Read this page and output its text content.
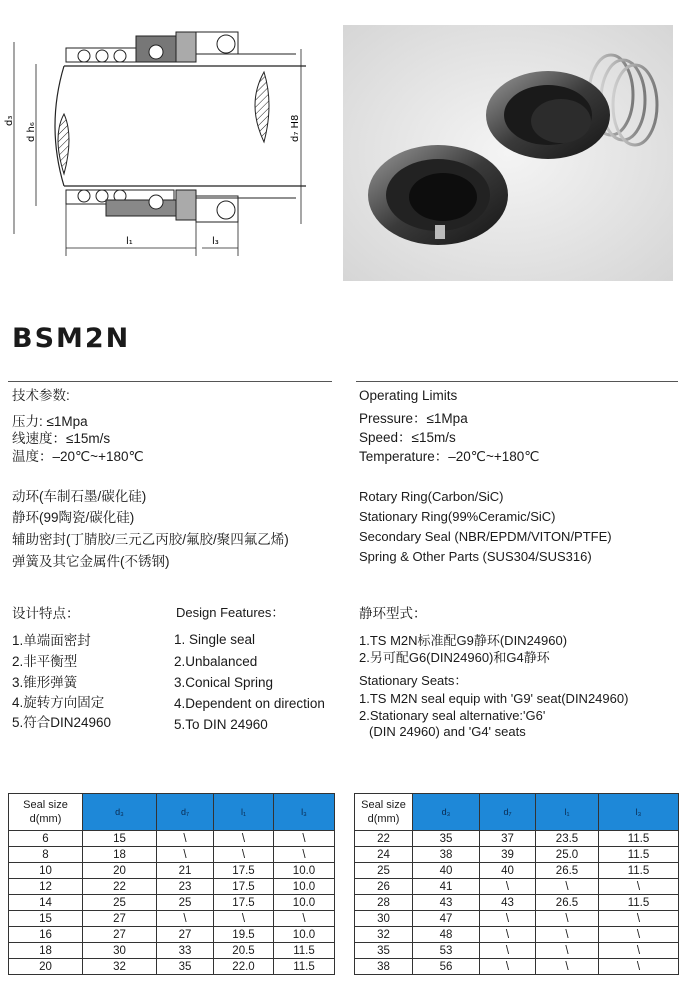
d₃
d h₆	d₇ H8
l₁	l₃
BSM2N
技术参数:
压力: ≤1Mpa
线速度：≤15m/s
温度：–20℃~+180℃
动环(车制石墨/碳化硅)
静环(99陶瓷/碳化硅)
辅助密封(丁腈胶/三元乙丙胶/氟胶/聚四氟乙烯)
弹簧及其它金属件(不锈钢)
设计特点：
1.单端面密封
2.非平衡型
3.锥形弹簧
4.旋转方向固定
5.符合DIN24960
Design Features：
1. Single seal
2.Unbalanced
3.Conical Spring
4.Dependent on direction
5.To DIN 24960
Operating Limits
Pressure：≤1Mpa
Speed：≤15m/s
Temperature：–20℃~+180℃
Rotary Ring(Carbon/SiC)
Stationary Ring(99%Ceramic/SiC)
Secondary Seal (NBR/EPDM/VITON/PTFE)
Spring & Other Parts (SUS304/SUS316)
静环型式：
1.TS M2N标准配G9静环(DIN24960)
2.另可配G6(DIN24960)和G4静环
Stationary Seats：
1.TS M2N seal equip with 'G9' seat(DIN24960)
2.Stationary seal alternative:'G6'
(DIN 24960) and 'G4' seats
Seal size d(mm)	d₃	d₇	l₁	l₃
6	15	\	\	\
8	18	\	\	\
10	20	21	17.5	10.0
12	22	23	17.5	10.0
14	25	25	17.5	10.0
15	27	\	\	\
16	27	27	19.5	10.0
18	30	33	20.5	11.5
20	32	35	22.0	11.5
Seal size d(mm)	d₃	d₇	l₁	l₃
22	35	37	23.5	11.5
24	38	39	25.0	11.5
25	40	40	26.5	11.5
26	41	\	\	\
28	43	43	26.5	11.5
30	47	\	\	\
32	48	\	\	\
35	53	\	\	\
38	56	\	\	\
